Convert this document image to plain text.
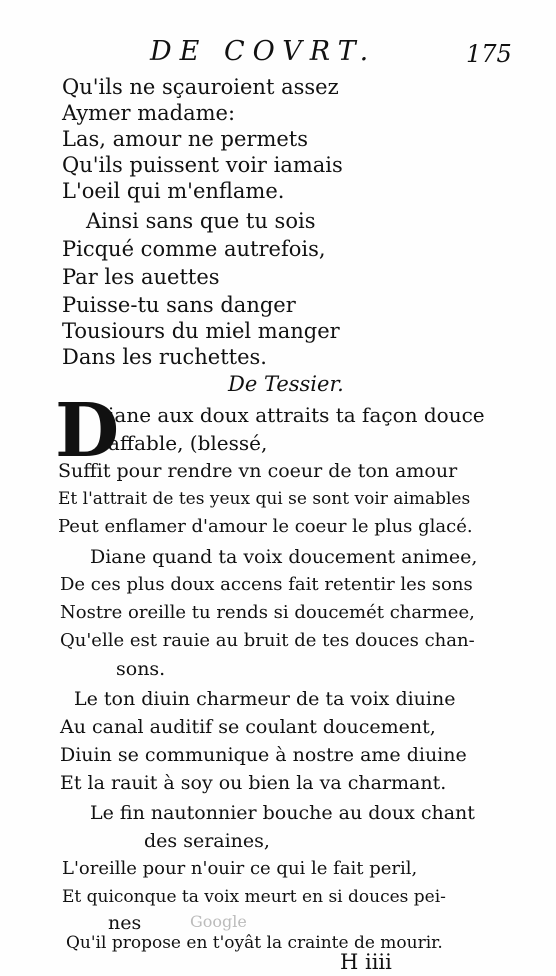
DE COVRT.	175
Qu'ils ne sçauroient assez
Aymer madame:
Las, amour ne permets
Qu'ils puissent voir iamais
L'oeil qui m'enflame.
Ainsi sans que tu sois
Picqué comme autrefois,
Par les auettes
Puisse-tu sans danger
Tousiours du miel manger
Dans les ruchettes.
De Tessier.
D
iane aux doux attraits ta façon douce
affable, (blessé,
Suffit pour rendre vn coeur de ton amour
Et l'attrait de tes yeux qui se sont voir aimables
Peut enflamer d'amour le coeur le plus glacé.
Diane quand ta voix doucement animee,
De ces plus doux accens fait retentir les sons
Nostre oreille tu rends si doucemét charmee,
Qu'elle est rauie au bruit de tes douces chan-
sons.
Le ton diuin charmeur de ta voix diuine
Au canal auditif se coulant doucement,
Diuin se communique à nostre ame diuine
Et la rauit à soy ou bien la va charmant.
Le fin nautonnier bouche au doux chant
des seraines,
L'oreille pour n'ouir ce qui le fait peril,
Et quiconque ta voix meurt en si douces pei-
nes
Qu'il propose en t'oyât la crainte de mourir.
Google
H iiii
